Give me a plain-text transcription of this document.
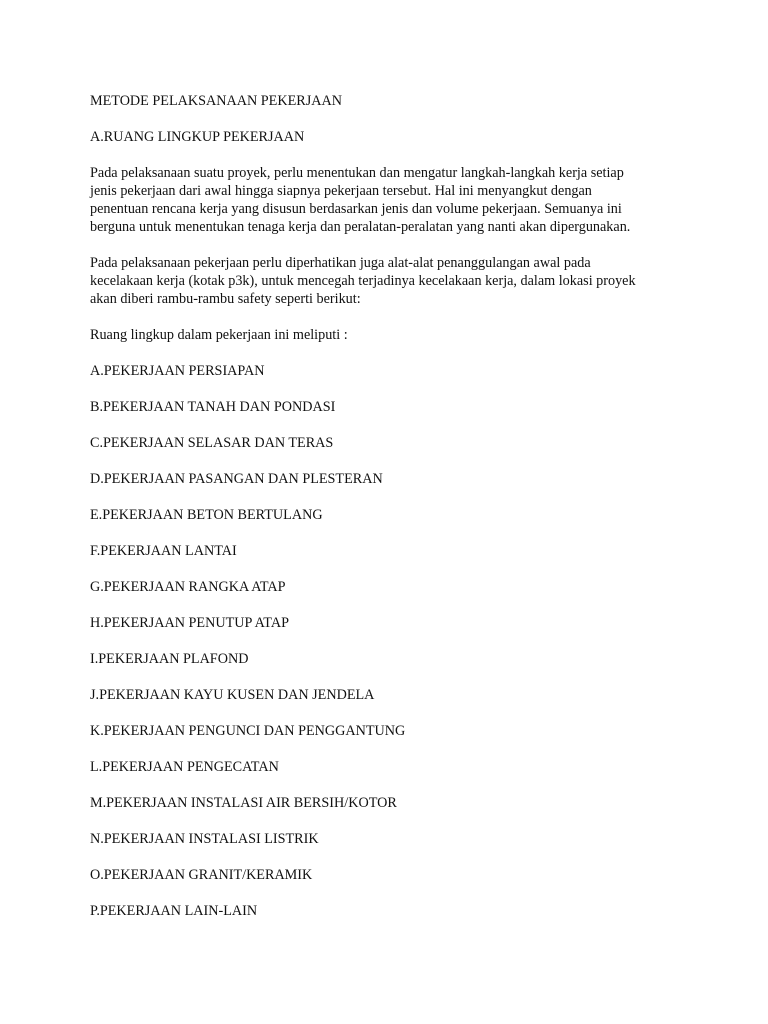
METODE PELAKSANAAN PEKERJAAN

A.RUANG LINGKUP PEKERJAAN

Pada pelaksanaan suatu proyek, perlu menentukan dan mengatur langkah-langkah kerja setiap
jenis pekerjaan dari awal hingga siapnya pekerjaan tersebut. Hal ini menyangkut dengan
penentuan rencana kerja yang disusun berdasarkan jenis dan volume pekerjaan. Semuanya ini
berguna untuk menentukan tenaga kerja dan peralatan-peralatan yang nanti akan dipergunakan.
Pada pelaksanaan pekerjaan perlu diperhatikan juga alat-alat penanggulangan awal pada
kecelakaan kerja (kotak p3k), untuk mencegah terjadinya kecelakaan kerja, dalam lokasi proyek
akan diberi rambu-rambu safety seperti berikut:

Ruang lingkup dalam pekerjaan ini meliputi :

A.PEKERJAAN PERSIAPAN
B.PEKERJAAN TANAH DAN PONDASI
C.PEKERJAAN SELASAR DAN TERAS
D.PEKERJAAN PASANGAN DAN PLESTERAN
E.PEKERJAAN BETON BERTULANG
F.PEKERJAAN LANTAI
G.PEKERJAAN RANGKA ATAP
H.PEKERJAAN PENUTUP ATAP
I.PEKERJAAN PLAFOND
J.PEKERJAAN KAYU KUSEN DAN JENDELA
K.PEKERJAAN PENGUNCI DAN PENGGANTUNG
L.PEKERJAAN PENGECATAN
M.PEKERJAAN INSTALASI AIR BERSIH/KOTOR
N.PEKERJAAN INSTALASI LISTRIK
O.PEKERJAAN GRANIT/KERAMIK
P.PEKERJAAN LAIN-LAIN
